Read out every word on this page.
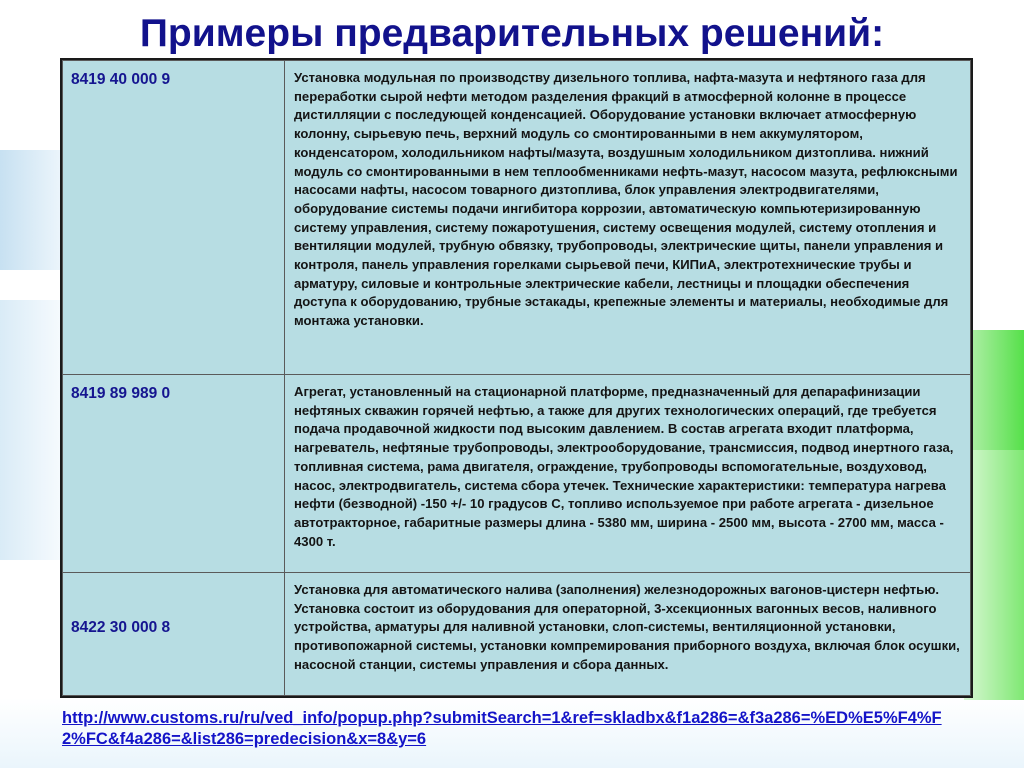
Примеры предварительных решений:
8419 40 000 9	Установка модульная по производству дизельного топлива, нафта-мазута и нефтяного газа для переработки сырой нефти методом разделения фракций в атмосферной колонне в процессе дистилляции с последующей конденсацией. Оборудование установки включает атмосферную колонну, сырьевую печь, верхний модуль со смонтированными в нем аккумулятором, конденсатором, холодильником нафты/мазута, воздушным холодильником дизтоплива. нижний модуль со смонтированными в нем теплообменниками нефть-мазут, насосом мазута, рефлюксными насосами нафты, насосом товарного дизтоплива, блок управления электродвигателями, оборудование системы подачи ингибитора коррозии, автоматическую компьютеризированную систему управления, систему пожаротушения, систему освещения модулей, систему отопления и вентиляции модулей, трубную обвязку, трубопроводы, электрические щиты, панели управления и контроля, панель управления горелками сырьевой печи, КИПиА, электротехнические трубы и арматуру, силовые и контрольные электрические кабели, лестницы и площадки обеспечения доступа к оборудованию, трубные эстакады, крепежные элементы и материалы, необходимые для монтажа установки.
8419 89 989 0	Агрегат, установленный на стационарной платформе, предназначенный для депарафинизации нефтяных скважин горячей нефтью, а также для других технологических операций, где требуется подача продавочной жидкости под высоким давлением. В состав агрегата входит платформа, нагреватель, нефтяные трубопроводы, электрооборудование, трансмиссия, подвод инертного газа, топливная система, рама двигателя, ограждение, трубопроводы вспомогательные, воздуховод, насос, электродвигатель, система сбора утечек. Технические характеристики: температура нагрева нефти (безводной) -150 +/- 10 градусов С, топливо используемое при работе агрегата - дизельное автотракторное, габаритные размеры длина - 5380 мм, ширина - 2500 мм, высота - 2700 мм, масса - 4300 т.
8422 30 000 8	Установка для автоматического налива (заполнения) железнодорожных вагонов-цистерн нефтью. Установка состоит из оборудования для операторной, 3-хсекционных вагонных весов, наливного устройства, арматуры для наливной установки, слоп-системы, вентиляционной установки, противопожарной системы, установки компремирования приборного воздуха, включая блок осушки, насосной станции, системы управления и сбора данных.
http://www.customs.ru/ru/ved_info/popup.php?submitSearch=1&ref=skladbx&f1a286=&f3a286=%ED%E5%F4%F2%FC&f4a286=&list286=predecision&x=8&y=6
